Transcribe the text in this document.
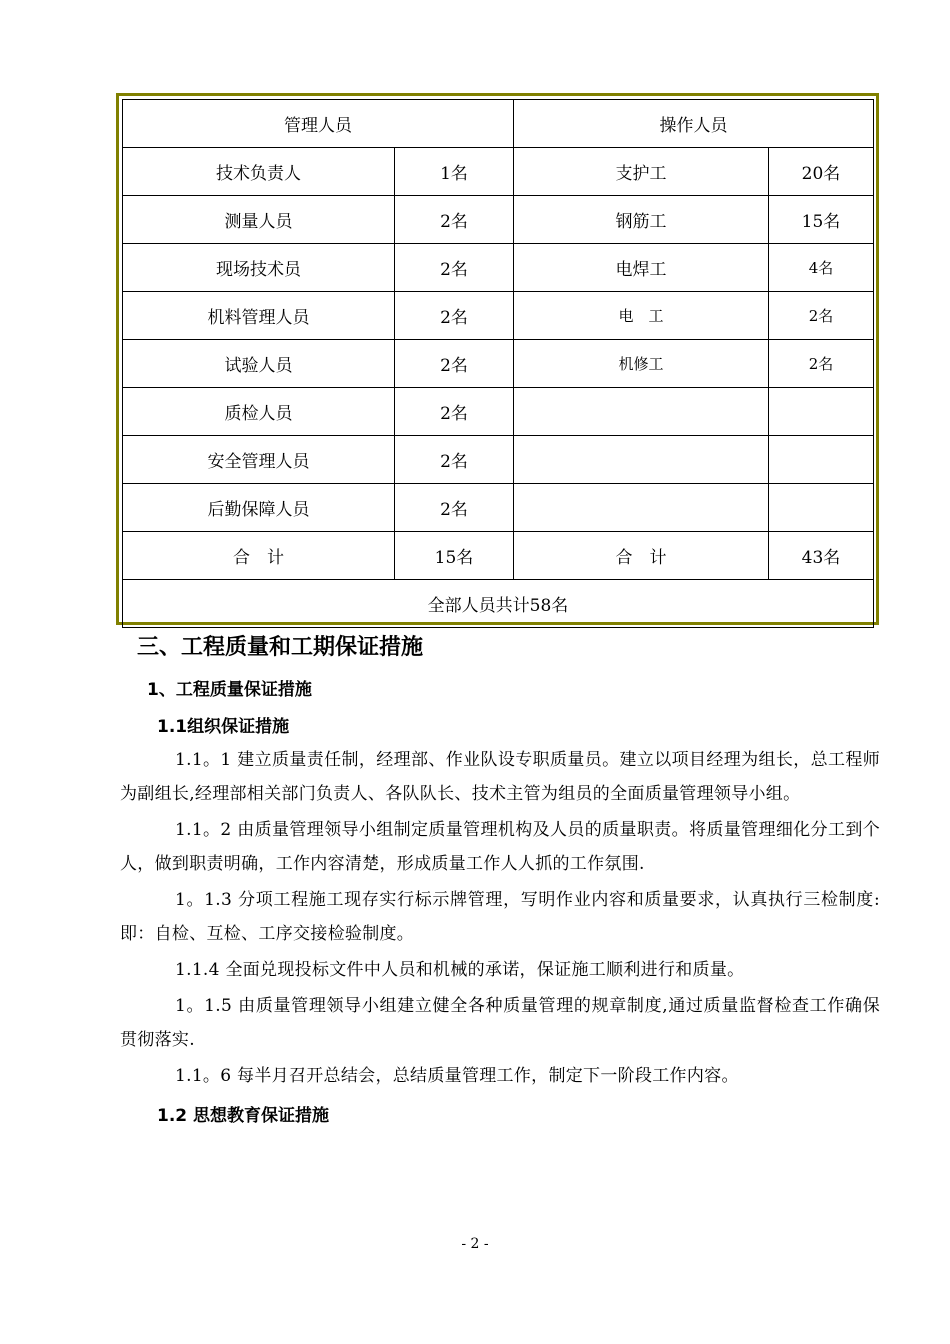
管理人员		操作人员	
技术负责人	1名	支护工	20名
测量人员	2名	钢筋工	15名
现场技术员	2名	电焊工	4名
机料管理人员	2名	电　工	2名
试验人员	2名	机修工	2名
质检人员	2名		
安全管理人员	2名		
后勤保障人员	2名		
合　计	15名	合　计	43名
全部人员共计58名			
三、工程质量和工期保证措施
1、工程质量保证措施
1.1组织保证措施
1.1。1 建立质量责任制，经理部、作业队设专职质量员。建立以项目经理为组长，总工程师为副组长,经理部相关部门负责人、各队队长、技术主管为组员的全面质量管理领导小组。
1.1。2 由质量管理领导小组制定质量管理机构及人员的质量职责。将质量管理细化分工到个人，做到职责明确，工作内容清楚，形成质量工作人人抓的工作氛围.
1。1.3 分项工程施工现存实行标示牌管理，写明作业内容和质量要求，认真执行三检制度:即：自检、互检、工序交接检验制度。
1.1.4 全面兑现投标文件中人员和机械的承诺，保证施工顺利进行和质量。
1。1.5 由质量管理领导小组建立健全各种质量管理的规章制度,通过质量监督检查工作确保贯彻落实.
1.1。6 每半月召开总结会，总结质量管理工作，制定下一阶段工作内容。
1.2 思想教育保证措施
- 2 -
